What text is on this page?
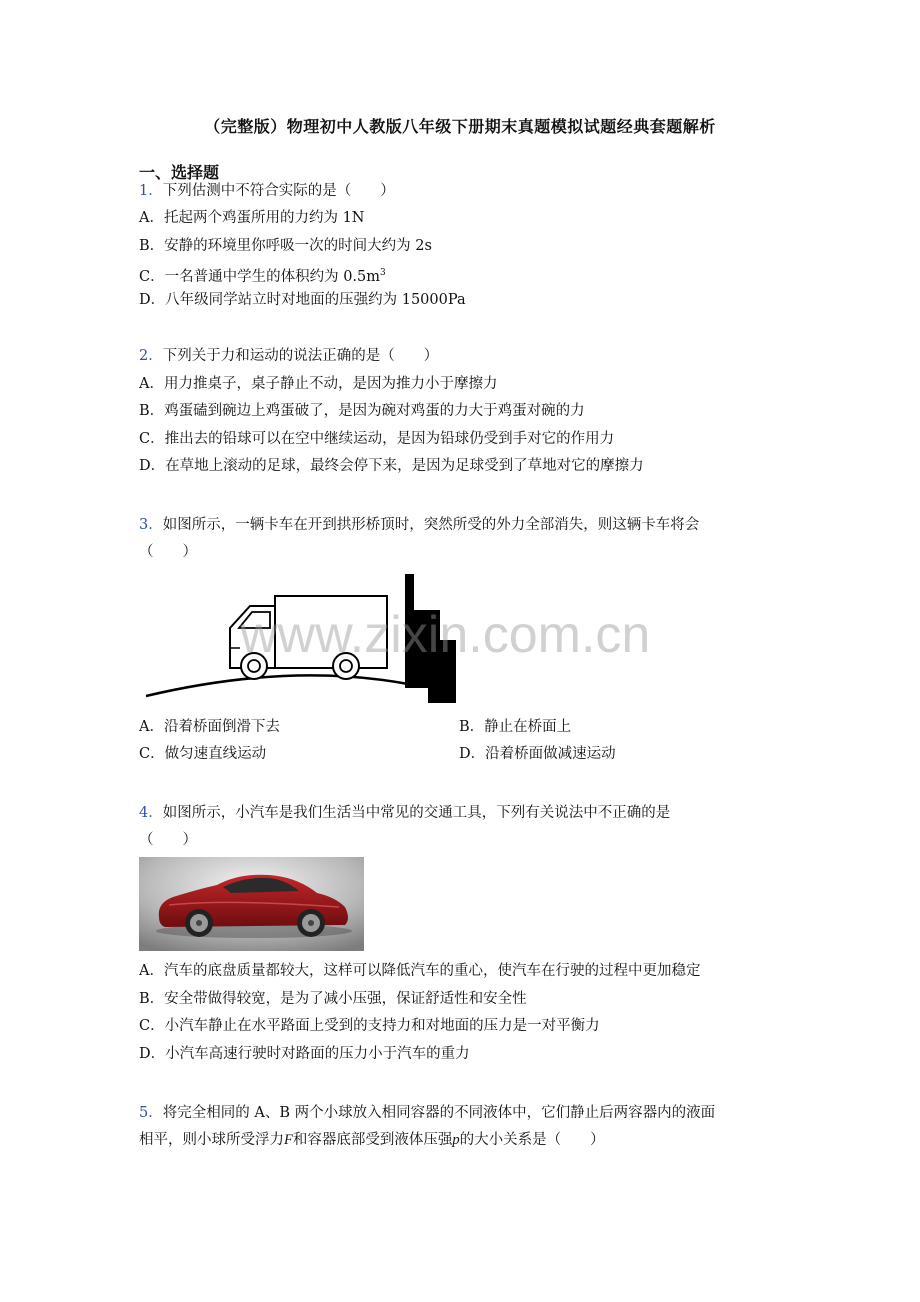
（完整版）物理初中人教版八年级下册期末真题模拟试题经典套题解析
一、选择题
1．下列估测中不符合实际的是（　　）
A．托起两个鸡蛋所用的力约为 1N
B．安静的环境里你呼吸一次的时间大约为 2s
C．一名普通中学生的体积约为 $0.5m^3$
D．八年级同学站立时对地面的压强约为 15000Pa
2．下列关于力和运动的说法正确的是（　　）
A．用力推桌子，桌子静止不动，是因为推力小于摩擦力
B．鸡蛋磕到碗边上鸡蛋破了，是因为碗对鸡蛋的力大于鸡蛋对碗的力
C．推出去的铅球可以在空中继续运动，是因为铅球仍受到手对它的作用力
D．在草地上滚动的足球，最终会停下来，是因为足球受到了草地对它的摩擦力
3．如图所示，一辆卡车在开到拱形桥顶时，突然所受的外力全部消失，则这辆卡车将会
（　　）
www.zixin.com.cn
A．沿着桥面倒滑下去	B．静止在桥面上
C．做匀速直线运动	D．沿着桥面做减速运动
4．如图所示，小汽车是我们生活当中常见的交通工具，下列有关说法中不正确的是
（　　）
A．汽车的底盘质量都较大，这样可以降低汽车的重心，使汽车在行驶的过程中更加稳定
B．安全带做得较宽，是为了减小压强，保证舒适性和安全性
C．小汽车静止在水平路面上受到的支持力和对地面的压力是一对平衡力
D．小汽车高速行驶时对路面的压力小于汽车的重力
5．将完全相同的 A、B 两个小球放入相同容器的不同液体中，它们静止后两容器内的液面
相平，则小球所受浮力F和容器底部受到液体压强p的大小关系是（　　）
